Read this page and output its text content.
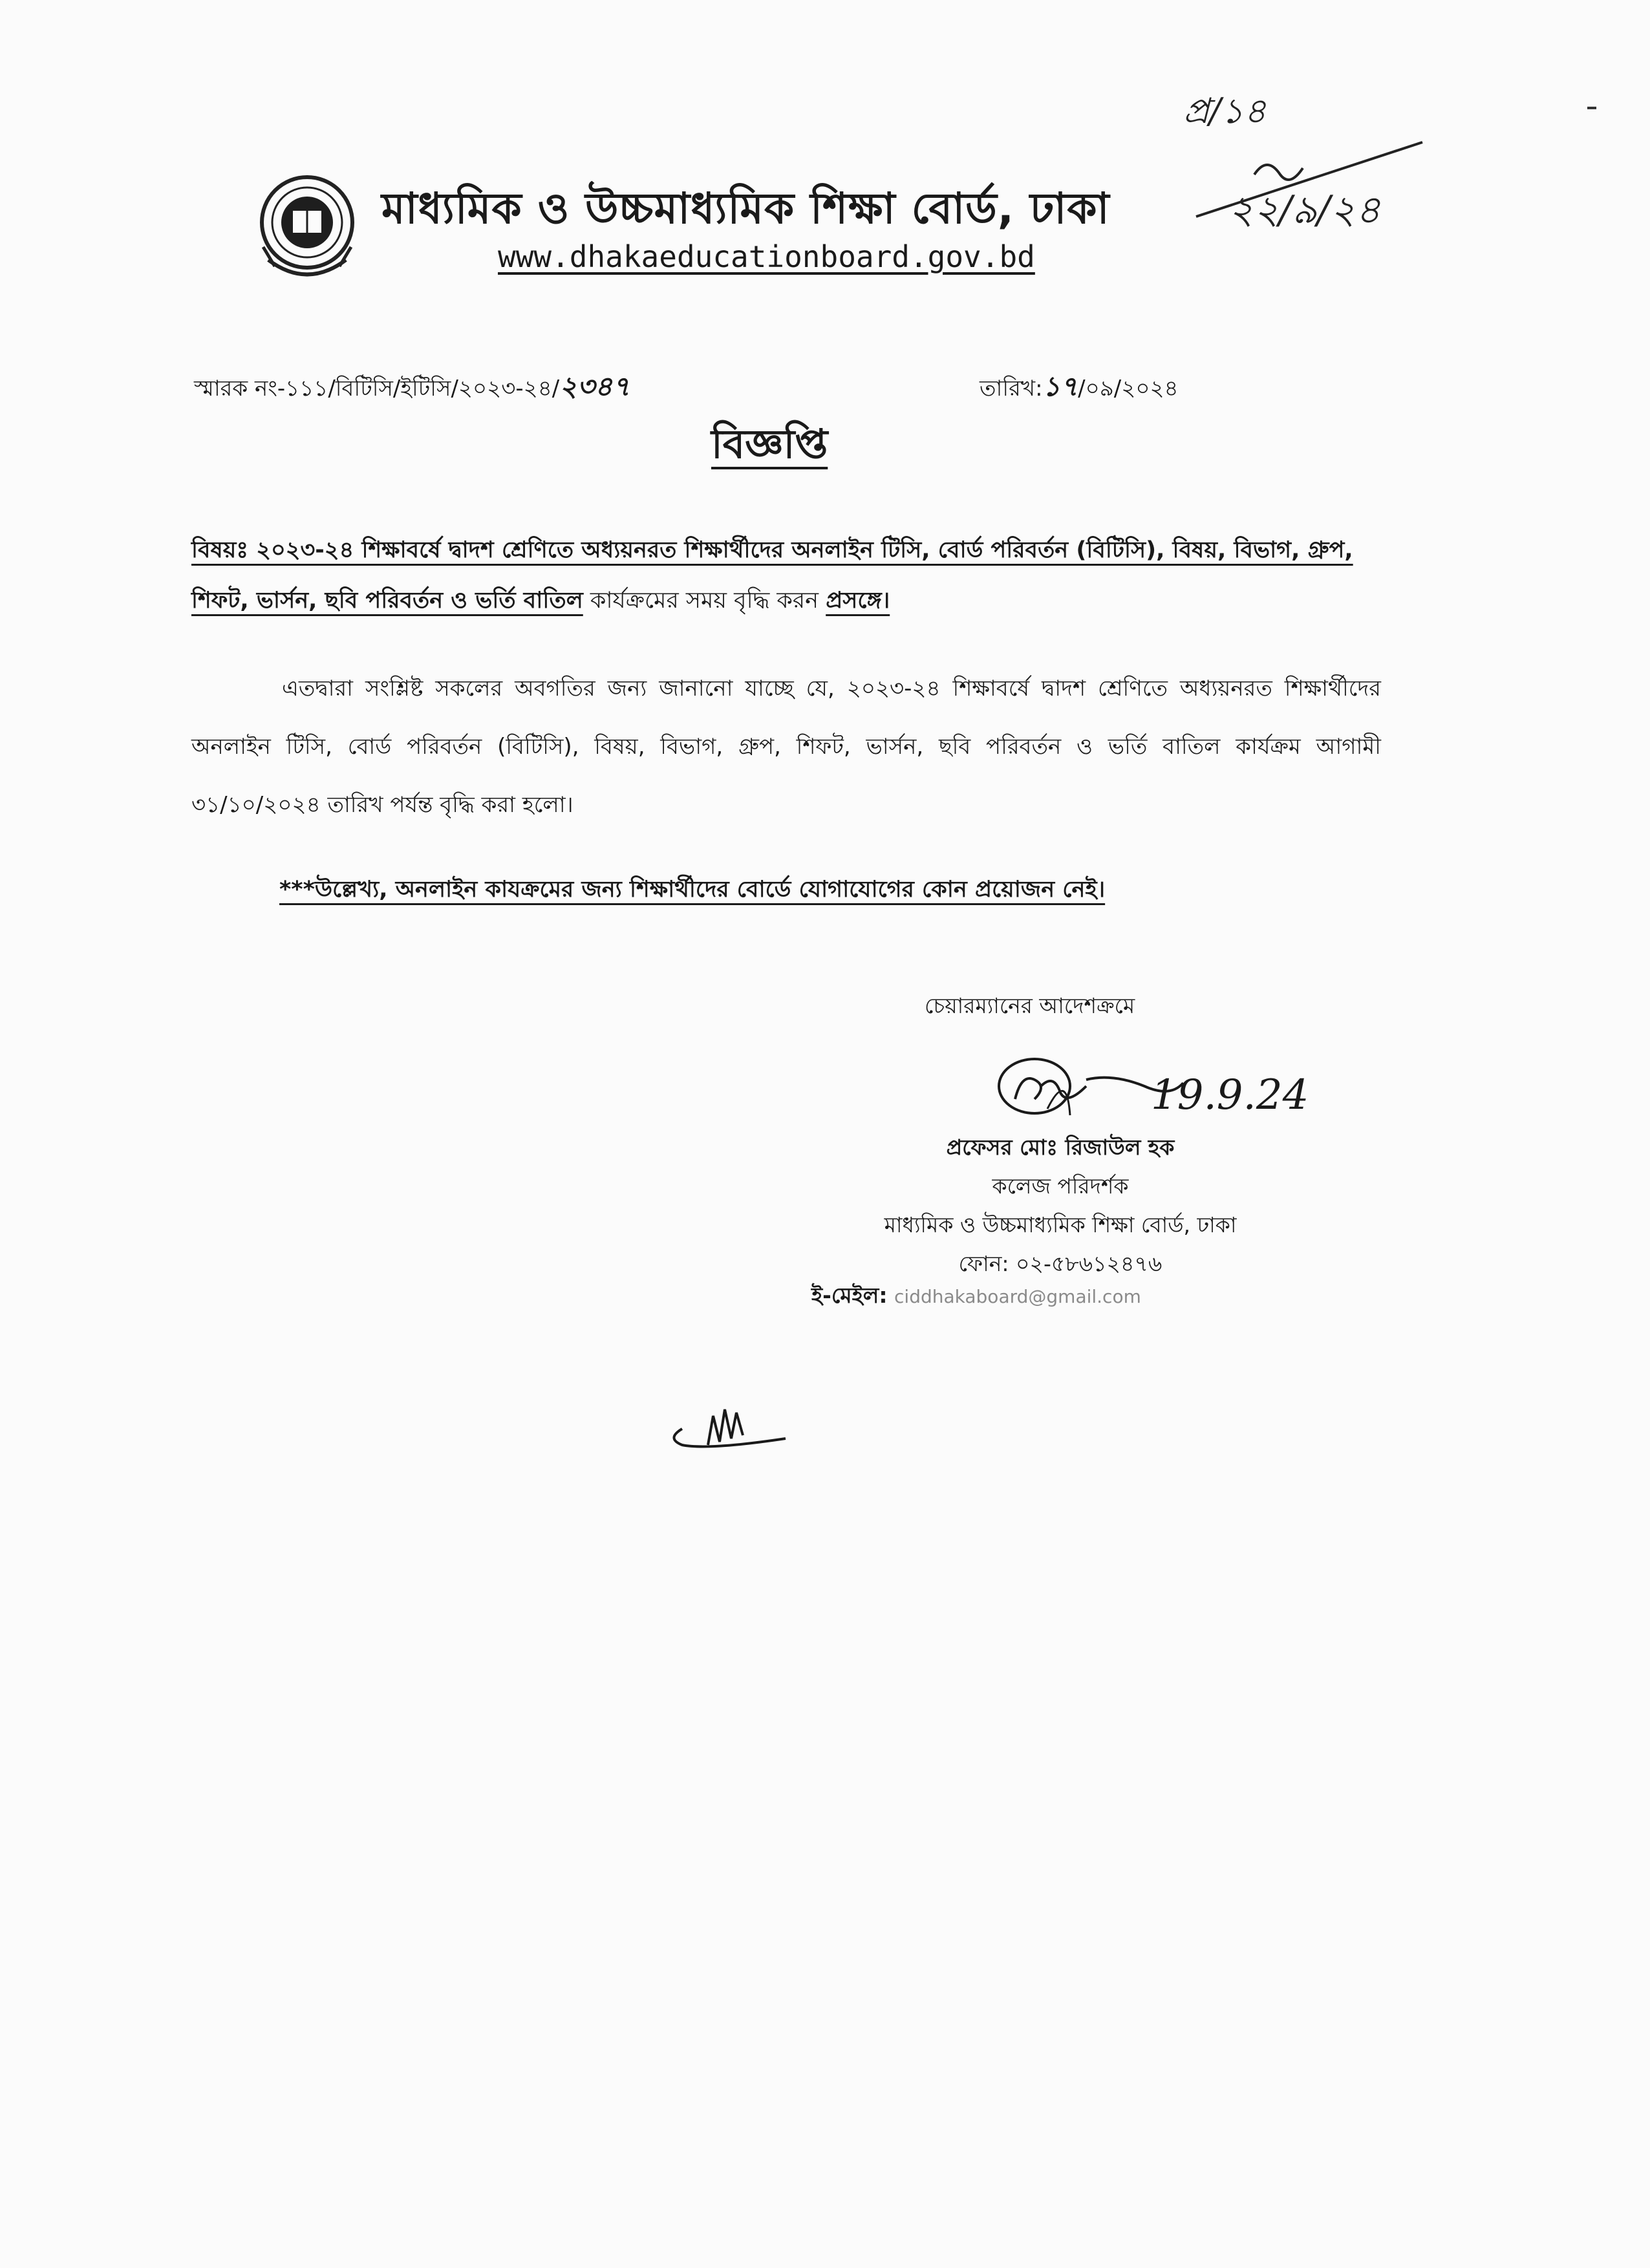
মাধ্যমিক ও উচ্চমাধ্যমিক শিক্ষা বোর্ড, ঢাকা
www.dhakaeducationboard.gov.bd
প্র/১৪
২২/৯/২৪
স্মারক নং-১১১/বিটিসি/ইটিসি/২০২৩-২৪/২৩৪৭	তারিখ:১৭/০৯/২০২৪
বিজ্ঞপ্তি
বিষয়ঃ ২০২৩-২৪ শিক্ষাবর্ষে দ্বাদশ শ্রেণিতে অধ্যয়নরত শিক্ষার্থীদের অনলাইন টিসি, বোর্ড পরিবর্তন (বিটিসি), বিষয়, বিভাগ, গ্রুপ, শিফট, ভার্সন, ছবি পরিবর্তন ও ভর্তি বাতিল কার্যক্রমের সময় বৃদ্ধি করন প্রসঙ্গে।
এতদ্বারা সংশ্লিষ্ট সকলের অবগতির জন্য জানানো যাচ্ছে যে, ২০২৩-২৪ শিক্ষাবর্ষে দ্বাদশ শ্রেণিতে অধ্যয়নরত শিক্ষার্থীদের অনলাইন টিসি, বোর্ড পরিবর্তন (বিটিসি), বিষয়, বিভাগ, গ্রুপ, শিফট, ভার্সন, ছবি পরিবর্তন ও ভর্তি বাতিল কার্যক্রম আগামী ৩১/১০/২০২৪ তারিখ পর্যন্ত বৃদ্ধি করা হলো।
***উল্লেখ্য, অনলাইন কাযক্রমের জন্য শিক্ষার্থীদের বোর্ডে যোগাযোগের কোন প্রয়োজন নেই।
চেয়ারম্যানের আদেশক্রমে
19.9.24
প্রফেসর মোঃ রিজাউল হক
কলেজ পরিদর্শক
মাধ্যমিক ও উচ্চমাধ্যমিক শিক্ষা বোর্ড, ঢাকা
ফোন: ০২-৫৮৬১২৪৭৬
ই-মেইল: ciddhakaboard@gmail.com
